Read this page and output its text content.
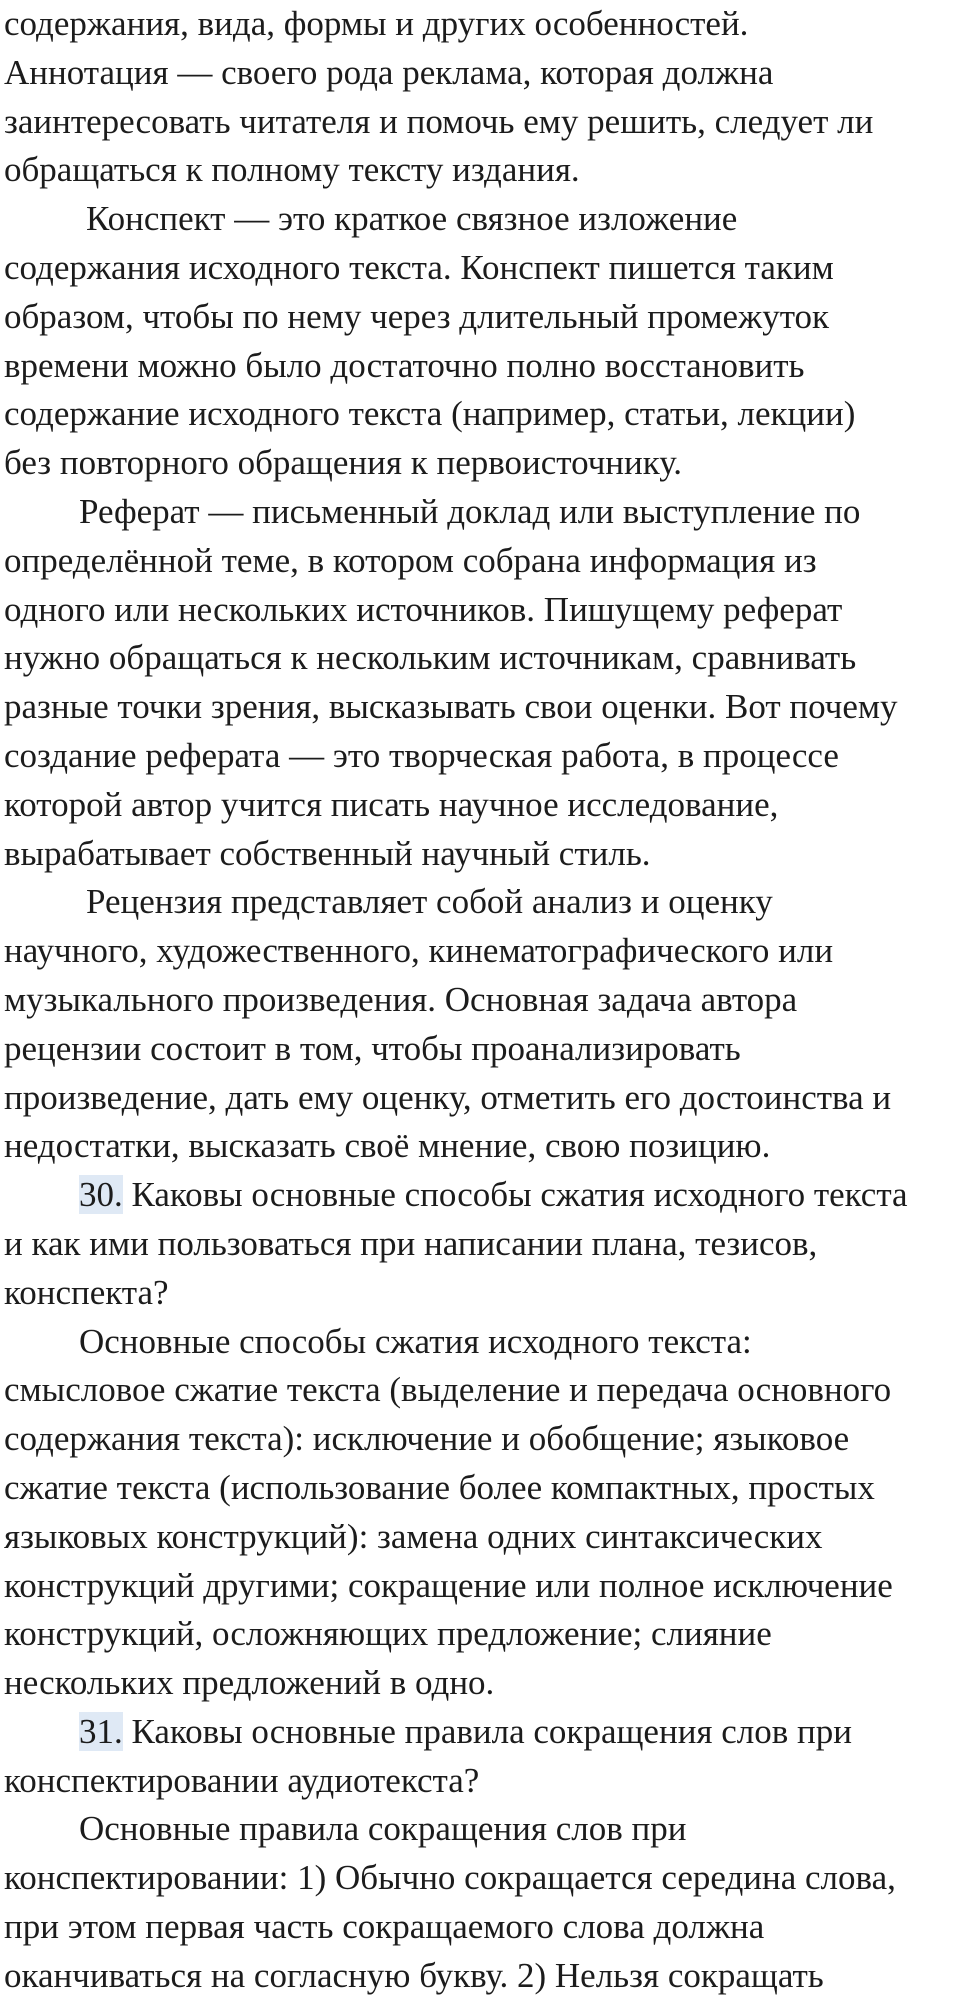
содержания, вида, формы и других особенностей.
Аннотация — своего рода реклама, которая должна
заинтересовать читателя и помочь ему решить, следует ли
обращаться к полному тексту издания.
Конспект — это краткое связное изложение
содержания исходного текста. Конспект пишется таким
образом, чтобы по нему через длительный промежуток
времени можно было достаточно полно восстановить
содержание исходного текста (например, статьи, лекции)
без повторного обращения к первоисточнику.
Реферат — письменный доклад или выступление по
определённой теме, в котором собрана информация из
одного или нескольких источников. Пишущему реферат
нужно обращаться к нескольким источникам, сравнивать
разные точки зрения, высказывать свои оценки. Вот почему
создание реферата — это творческая работа, в процессе
которой автор учится писать научное исследование,
вырабатывает собственный научный стиль.
Рецензия представляет собой анализ и оценку
научного, художественного, кинематографического или
музыкального произведения. Основная задача автора
рецензии состоит в том, чтобы проанализировать
произведение, дать ему оценку, отметить его достоинства и
недостатки, высказать своё мнение, свою позицию.
30. Каковы основные способы сжатия исходного текста
и как ими пользоваться при написании плана, тезисов,
конспекта?
Основные способы сжатия исходного текста:
смысловое сжатие текста (выделение и передача основного
содержания текста): исключение и обобщение; языковое
сжатие текста (использование более компактных, простых
языковых конструкций): замена одних синтаксических
конструкций другими; сокращение или полное исключение
конструкций, осложняющих предложение; слияние
нескольких предложений в одно.
31. Каковы основные правила сокращения слов при
конспектировании аудиотекста?
Основные правила сокращения слов при
конспектировании: 1) Обычно сокращается середина слова,
при этом первая часть сокращаемого слова должна
оканчиваться на согласную букву. 2) Нельзя сокращать
